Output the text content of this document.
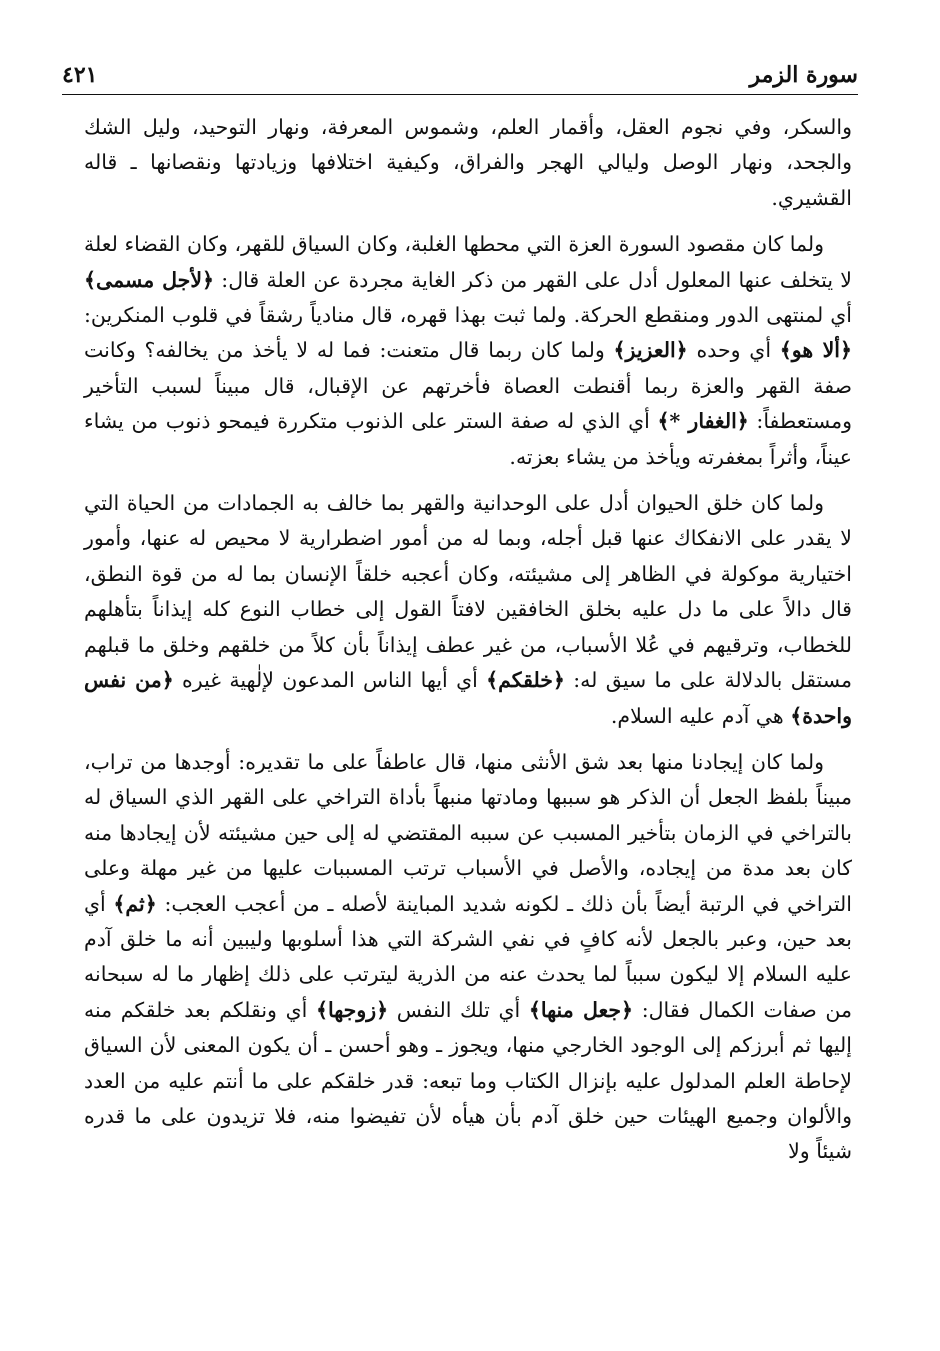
سورة الزمر
٤٢١

والسكر، وفي نجوم العقل، وأقمار العلم، وشموس المعرفة، ونهار التوحيد، وليل الشك والجحد، ونهار الوصل وليالي الهجر والفراق، وكيفية اختلافها وزيادتها ونقصانها ـ قاله القشيري.

ولما كان مقصود السورة العزة التي محطها الغلبة، وكان السياق للقهر، وكان القضاء لعلة لا يتخلف عنها المعلول أدل على القهر من ذكر الغاية مجردة عن العلة قال: ﴿لأجل مسمى﴾ أي لمنتهى الدور ومنقطع الحركة. ولما ثبت بهذا قهره، قال منادياً رشقاً في قلوب المنكرين: ﴿ألا هو﴾ أي وحده ﴿العزيز﴾ ولما كان ربما قال متعنت: فما له لا يأخذ من يخالفه؟ وكانت صفة القهر والعزة ربما أقنطت العصاة فأخرتهم عن الإقبال، قال مبيناً لسبب التأخير ومستعطفاً: ﴿الغفار *﴾ أي الذي له صفة الستر على الذنوب متكررة فيمحو ذنوب من يشاء عيناً، وأثراً بمغفرته ويأخذ من يشاء بعزته.

ولما كان خلق الحيوان أدل على الوحدانية والقهر بما خالف به الجمادات من الحياة التي لا يقدر على الانفكاك عنها قبل أجله، وبما له من أمور اضطرارية لا محيص له عنها، وأمور اختيارية موكولة في الظاهر إلى مشيئته، وكان أعجبه خلقاً الإنسان بما له من قوة النطق، قال دالاً على ما دل عليه بخلق الخافقين لافتاً القول إلى خطاب النوع كله إيذاناً بتأهلهم للخطاب، وترقيهم في عُلا الأسباب، من غير عطف إيذاناً بأن كلاً من خلقهم وخلق ما قبلهم مستقل بالدلالة على ما سيق له: ﴿خلقكم﴾ أي أيها الناس المدعون لإلٰهية غيره ﴿من نفس واحدة﴾ هي آدم عليه السلام.

ولما كان إيجادنا منها بعد شق الأنثى منها، قال عاطفاً على ما تقديره: أوجدها من تراب، مبيناً بلفظ الجعل أن الذكر هو سببها ومادتها منبهاً بأداة التراخي على القهر الذي السياق له بالتراخي في الزمان بتأخير المسبب عن سببه المقتضي له إلى حين مشيئته لأن إيجادها منه كان بعد مدة من إيجاده، والأصل في الأسباب ترتب المسببات عليها من غير مهلة وعلى التراخي في الرتبة أيضاً بأن ذلك ـ لكونه شديد المباينة لأصله ـ من أعجب العجب: ﴿ثم﴾ أي بعد حين، وعبر بالجعل لأنه كافٍ في نفي الشركة التي هذا أسلوبها وليبين أنه ما خلق آدم عليه السلام إلا ليكون سبباً لما يحدث عنه من الذرية ليترتب على ذلك إظهار ما له سبحانه من صفات الكمال فقال: ﴿جعل منها﴾ أي تلك النفس ﴿زوجها﴾ أي ونقلكم بعد خلقكم منه إليها ثم أبرزكم إلى الوجود الخارجي منها، ويجوز ـ وهو أحسن ـ أن يكون المعنى لأن السياق لإحاطة العلم المدلول عليه بإنزال الكتاب وما تبعه: قدر خلقكم على ما أنتم عليه من العدد والألوان وجميع الهيئات حين خلق آدم بأن هيأه لأن تفيضوا منه، فلا تزيدون على ما قدره شيئاً ولا
